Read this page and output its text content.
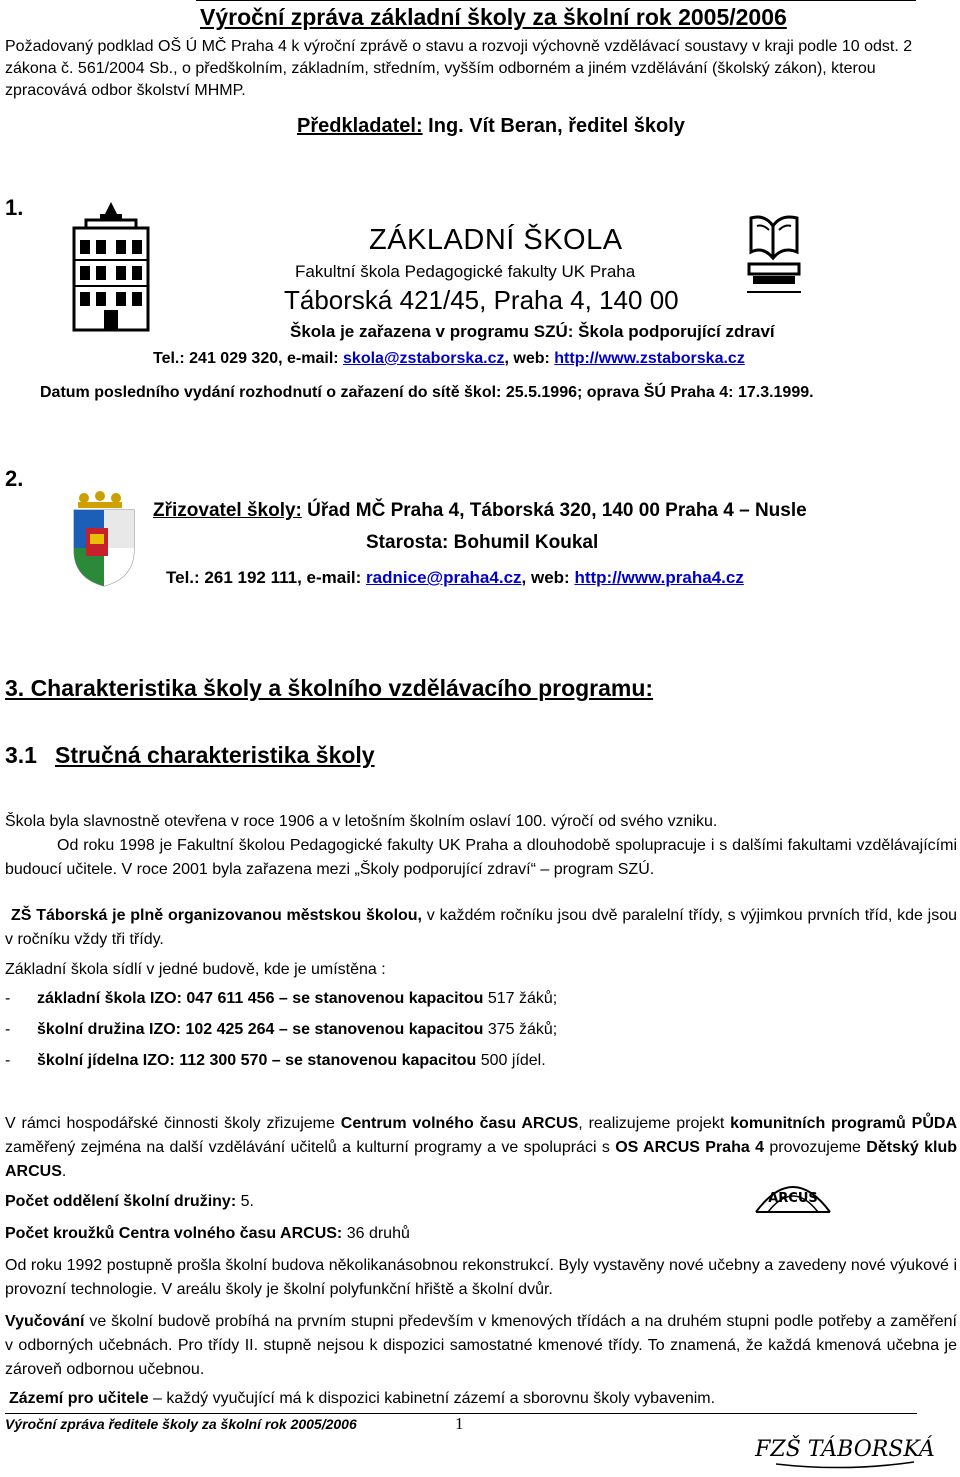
Výroční zpráva základní školy za školní rok 2005/2006
Požadovaný podklad OŠ Ú MČ Praha 4 k výroční zprávě o stavu a rozvoji výchovně vzdělávací soustavy v kraji podle 10 odst. 2 zákona č. 561/2004 Sb., o předškolním, základním, středním, vyšším odborném a jiném vzdělávání (školský zákon), kterou zpracovává odbor školství MHMP.
Předkladatel: Ing. Vít Beran, ředitel školy
1.
ZÁKLADNÍ ŠKOLA
Fakultní škola Pedagogické fakulty UK Praha
Táborská 421/45, Praha 4, 140 00
Škola je zařazena v programu SZÚ: Škola podporující zdraví
Tel.: 241 029 320, e-mail: skola@zstaborska.cz, web: http://www.zstaborska.cz
Datum posledního vydání rozhodnutí o zařazení do sítě škol: 25.5.1996; oprava ŠÚ Praha 4: 17.3.1999.
2.
Zřizovatel školy: Úřad MČ Praha 4, Táborská 320, 140 00 Praha 4 – Nusle
Starosta: Bohumil Koukal
Tel.: 261 192 111, e-mail: radnice@praha4.cz, web: http://www.praha4.cz
3. Charakteristika školy a školního vzdělávacího programu:
3.1 Stručná charakteristika školy
Škola byla slavnostně otevřena v roce 1906 a v letošním školním oslaví 100. výročí od svého vzniku.
Od roku 1998 je Fakultní školou Pedagogické fakulty UK Praha a dlouhodobě spolupracuje i s dalšími fakultami vzdělávajícími budoucí učitele. V roce 2001 byla zařazena mezi „Školy podporující zdraví“ – program SZÚ.
ZŠ Táborská je plně organizovanou městskou školou, v každém ročníku jsou dvě paralelní třídy, s výjimkou prvních tříd, kde jsou v ročníku vždy tři třídy.
Základní škola sídlí v jedné budově, kde je umístěna :
- základní škola IZO: 047 611 456 – se stanovenou kapacitou 517 žáků;
- školní družina IZO: 102 425 264 – se stanovenou kapacitou 375 žáků;
- školní jídelna IZO: 112 300 570 – se stanovenou kapacitou 500 jídel.
V rámci hospodářské činnosti školy zřizujeme Centrum volného času ARCUS, realizujeme projekt komunitních programů PŮDA zaměřený zejména na další vzdělávání učitelů a kulturní programy a ve spolupráci s OS ARCUS Praha 4 provozujeme Dětský klub ARCUS.
Počet oddělení školní družiny: 5.	ARCUS
Počet kroužků Centra volného času ARCUS: 36 druhů
Od roku 1992 postupně prošla školní budova několikanásobnou rekonstrukcí. Byly vystavěny nové učebny a zavedeny nové výukové i provozní technologie. V areálu školy je školní polyfunkční hřiště a školní dvůr.
Vyučování ve školní budově probíhá na prvním stupni především v kmenových třídách a na druhém stupni podle potřeby a zaměření v odborných učebnách. Pro třídy II. stupně nejsou k dispozici samostatné kmenové třídy. To znamená, že každá kmenová učebna je zároveň odbornou učebnou.
Zázemí pro učitele – každý vyučující má k dispozici kabinetní zázemí a sborovnu školy vybavenim.
Výroční zpráva ředitele školy za školní rok 2005/2006	1
FZŠ TÁBORSKÁ
